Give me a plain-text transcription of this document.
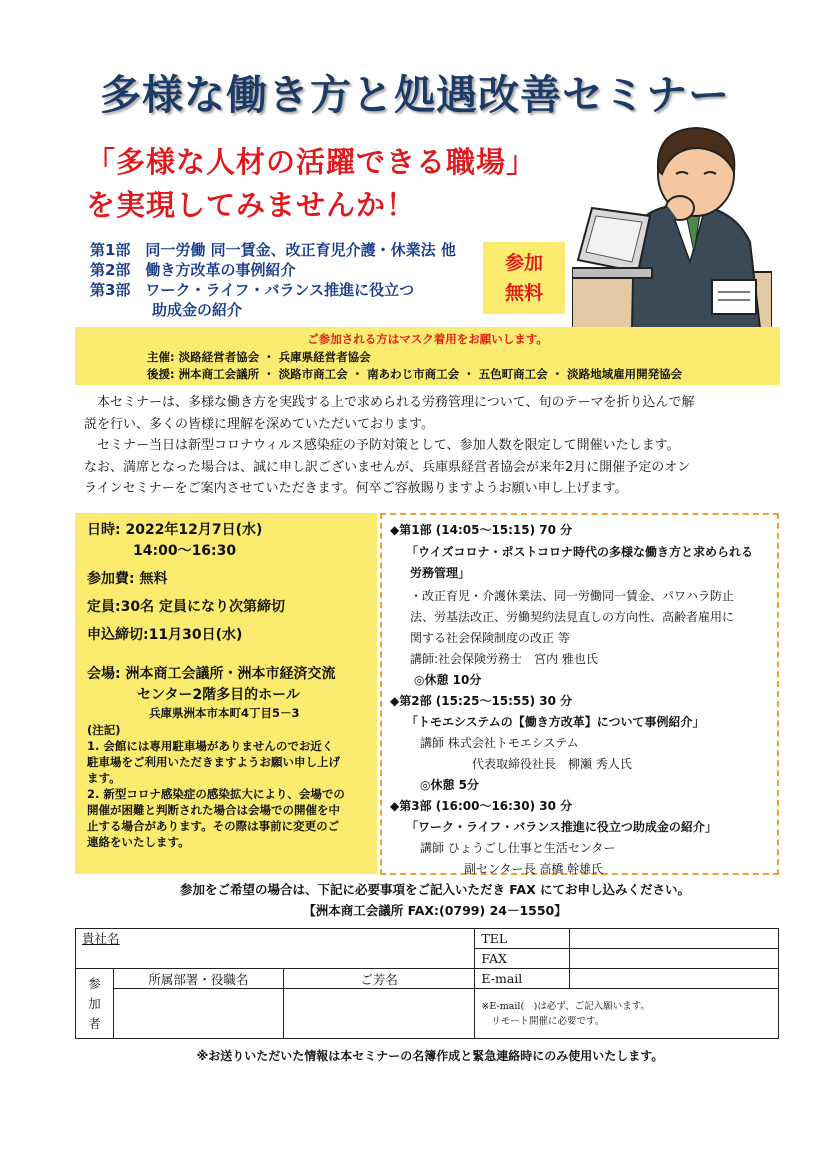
多様な働き方と処遇改善セミナー
「多様な人材の活躍できる職場」
を実現してみませんか！
第1部　同一労働 同一賃金、改正育児介護・休業法 他
第2部　働き方改革の事例紹介
第3部　ワーク・ライフ・バランス推進に役立つ
助成金の紹介
参加
無料
ご参加される方はマスク着用をお願いします。
主催: 淡路経営者協会 ・ 兵庫県経営者協会
後援: 洲本商工会議所 ・ 淡路市商工会 ・ 南あわじ市商工会 ・ 五色町商工会 ・ 淡路地域雇用開発協会

　本セミナーは、多様な働き方を実践する上で求められる労務管理について、旬のテーマを折り込んで解

説を行い、多くの皆様に理解を深めていただいております。

　セミナー当日は新型コロナウィルス感染症の予防対策として、参加人数を限定して開催いたします。

なお、満席となった場合は、誠に申し訳ございませんが、兵庫県経営者協会が来年2月に開催予定のオン

ラインセミナーをご案内させていただきます。何卒ご容赦賜りますようお願い申し上げます。

日時: 2022年12月7日(水)
14:00～16:30
参加費: 無料
定員:30名 定員になり次第締切
申込締切:11月30日(水)
会場: 洲本商工会議所・洲本市経済交流
センター2階多目的ホール
兵庫県洲本市本町4丁目5－3
(注記)
1. 会館には専用駐車場がありませんのでお近く
駐車場をご利用いただきますようお願い申し上げ
ます。
2. 新型コロナ感染症の感染拡大により、会場での
開催が困難と判断された場合は会場での開催を中
止する場合があります。その際は事前に変更のご
連絡をいたします。
◆第1部 (14:05～15:15) 70 分
「ウイズコロナ・ポストコロナ時代の多様な働き方と求められる
労務管理」
・改正育児・介護休業法、同一労働同一賃金、パワハラ防止
法、労基法改正、労働契約法見直しの方向性、高齢者雇用に
関する社会保険制度の改正 等
講師:社会保険労務士　宮内 雅也氏
◎休憩 10分
◆第2部 (15:25～15:55) 30 分
「トモエシステムの【働き方改革】について事例紹介」
講師 株式会社トモエシステム
代表取締役社長　柳瀬 秀人氏
◎休憩 5分
◆第3部 (16:00～16:30) 30 分
「ワーク・ライフ・バランス推進に役立つ助成金の紹介」
講師 ひょうごし仕事と生活センター
副センター長 高橋 幹雄氏
参加をご希望の場合は、下記に必要事項をご記入いただき FAX にてお申し込みください。
【洲本商工会議所 FAX:(0799) 24－1550】
貴社名			TEL	
			FAX	

参
加
者	所属部署・役職名	ご芳名	E-mail	

			※E-mail(　)は必ず、ご記入願います。
リモート開催に必要です。	
※お送りいただいた情報は本セミナーの名簿作成と緊急連絡時にのみ使用いたします。
